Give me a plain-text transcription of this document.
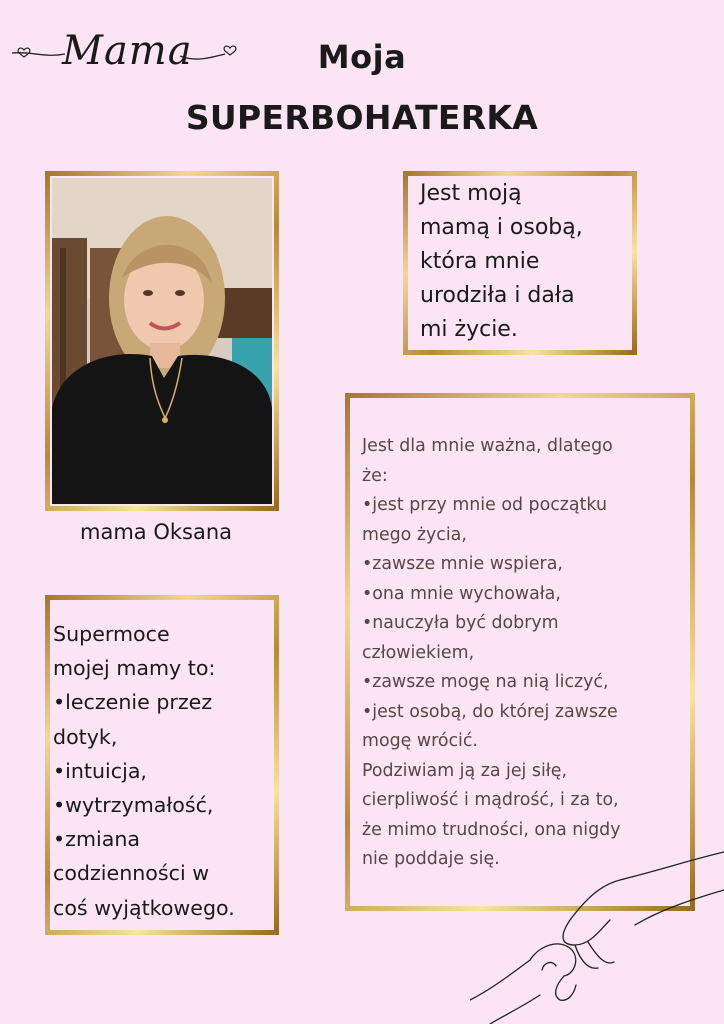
Mama	Moja
SUPERBOHATERKA
mama Oksana
Jest moją
mamą i osobą,
która mnie
urodziła i dała
mi życie.
Jest dla mnie ważna, dlatego
że:
•jest przy mnie od początku
mego życia,
•zawsze mnie wspiera,
•ona mnie wychowała,
•nauczyła być dobrym
człowiekiem,
•zawsze mogę na nią liczyć,
•jest osobą, do której zawsze
mogę wrócić.
Podziwiam ją za jej siłę,
cierpliwość i mądrość, i za to,
że mimo trudności, ona nigdy
nie poddaje się.
Supermoce
mojej mamy to:
•leczenie przez
dotyk,
•intuicja,
•wytrzymałość,
•zmiana
codzienności w
coś wyjątkowego.
